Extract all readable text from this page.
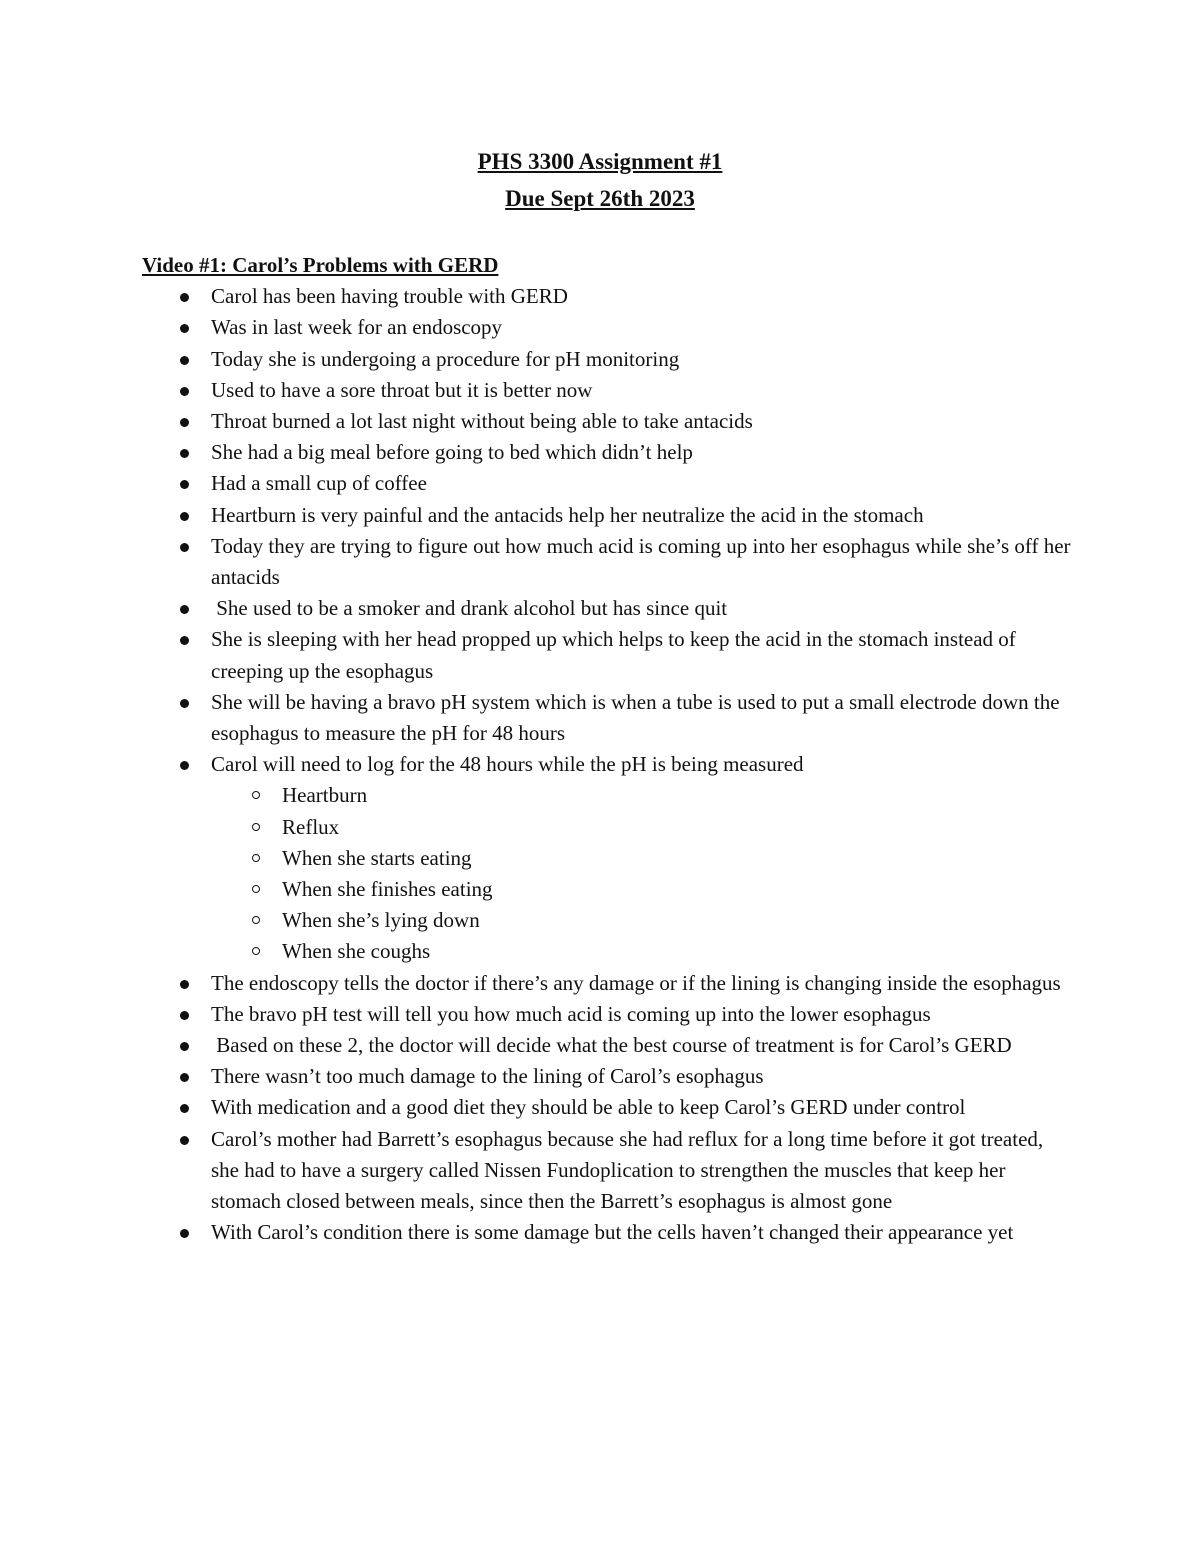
PHS 3300 Assignment #1

Due Sept 26th 2023

Video #1: Carol’s Problems with GERD

Carol has been having trouble with GERD
Was in last week for an endoscopy
Today she is undergoing a procedure for pH monitoring
Used to have a sore throat but it is better now
Throat burned a lot last night without being able to take antacids
She had a big meal before going to bed which didn’t help
Had a small cup of coffee
Heartburn is very painful and the antacids help her neutralize the acid in the stomach
Today they are trying to figure out how much acid is coming up into her esophagus while she’s off her antacids
She used to be a smoker and drank alcohol but has since quit
She is sleeping with her head propped up which helps to keep the acid in the stomach instead of creeping up the esophagus
She will be having a bravo pH system which is when a tube is used to put a small electrode down the esophagus to measure the pH for 48 hours
Carol will need to log for the 48 hours while the pH is being measured
Heartburn
Reflux
When she starts eating
When she finishes eating
When she’s lying down
When she coughs
The endoscopy tells the doctor if there’s any damage or if the lining is changing inside the esophagus
The bravo pH test will tell you how much acid is coming up into the lower esophagus
Based on these 2, the doctor will decide what the best course of treatment is for Carol’s GERD
There wasn’t too much damage to the lining of Carol’s esophagus
With medication and a good diet they should be able to keep Carol’s GERD under control
Carol’s mother had Barrett’s esophagus because she had reflux for a long time before it got treated, she had to have a surgery called Nissen Fundoplication to strengthen the muscles that keep her stomach closed between meals, since then the Barrett’s esophagus is almost gone
With Carol’s condition there is some damage but the cells haven’t changed their appearance yet
